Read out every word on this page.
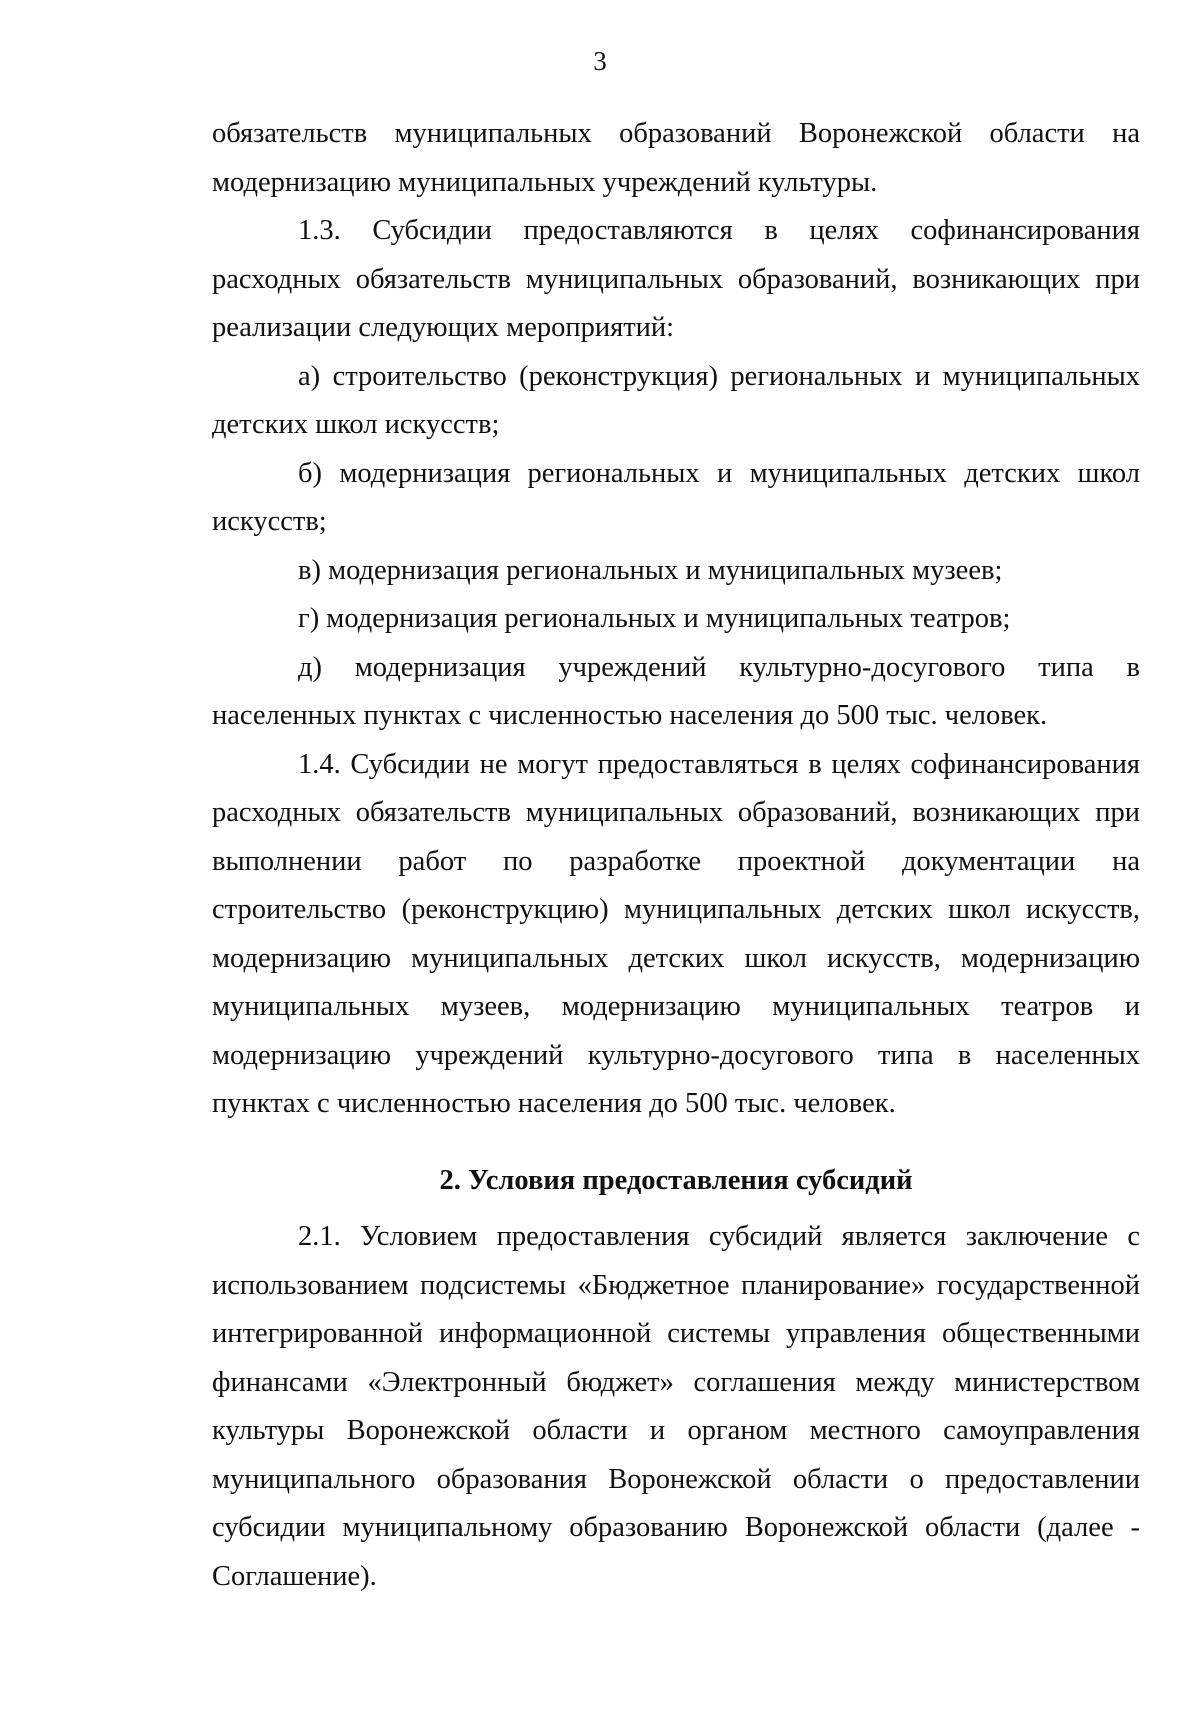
3

обязательств муниципальных образований Воронежской области на модернизацию муниципальных учреждений культуры.

1.3. Субсидии предоставляются в целях софинансирования расходных обязательств муниципальных образований, возникающих при реализации следующих мероприятий:

а) строительство (реконструкция) региональных и муниципальных детских школ искусств;

б) модернизация региональных и муниципальных детских школ искусств;

в) модернизация региональных и муниципальных музеев;

г) модернизация региональных и муниципальных театров;

д) модернизация учреждений культурно-досугового типа в населенных пунктах с численностью населения до 500 тыс. человек.

1.4. Субсидии не могут предоставляться в целях софинансирования расходных обязательств муниципальных образований, возникающих при выполнении работ по разработке проектной документации на строительство (реконструкцию) муниципальных детских школ искусств, модернизацию муниципальных детских школ искусств, модернизацию муниципальных музеев, модернизацию муниципальных театров и модернизацию учреждений культурно-досугового типа в населенных пунктах с численностью населения до 500 тыс. человек.

2. Условия предоставления субсидий

2.1. Условием предоставления субсидий является заключение с использованием подсистемы «Бюджетное планирование» государственной интегрированной информационной системы управления общественными финансами «Электронный бюджет» соглашения между министерством культуры Воронежской области и органом местного самоуправления муниципального образования Воронежской области о предоставлении субсидии муниципальному образованию Воронежской области (далее - Соглашение).
